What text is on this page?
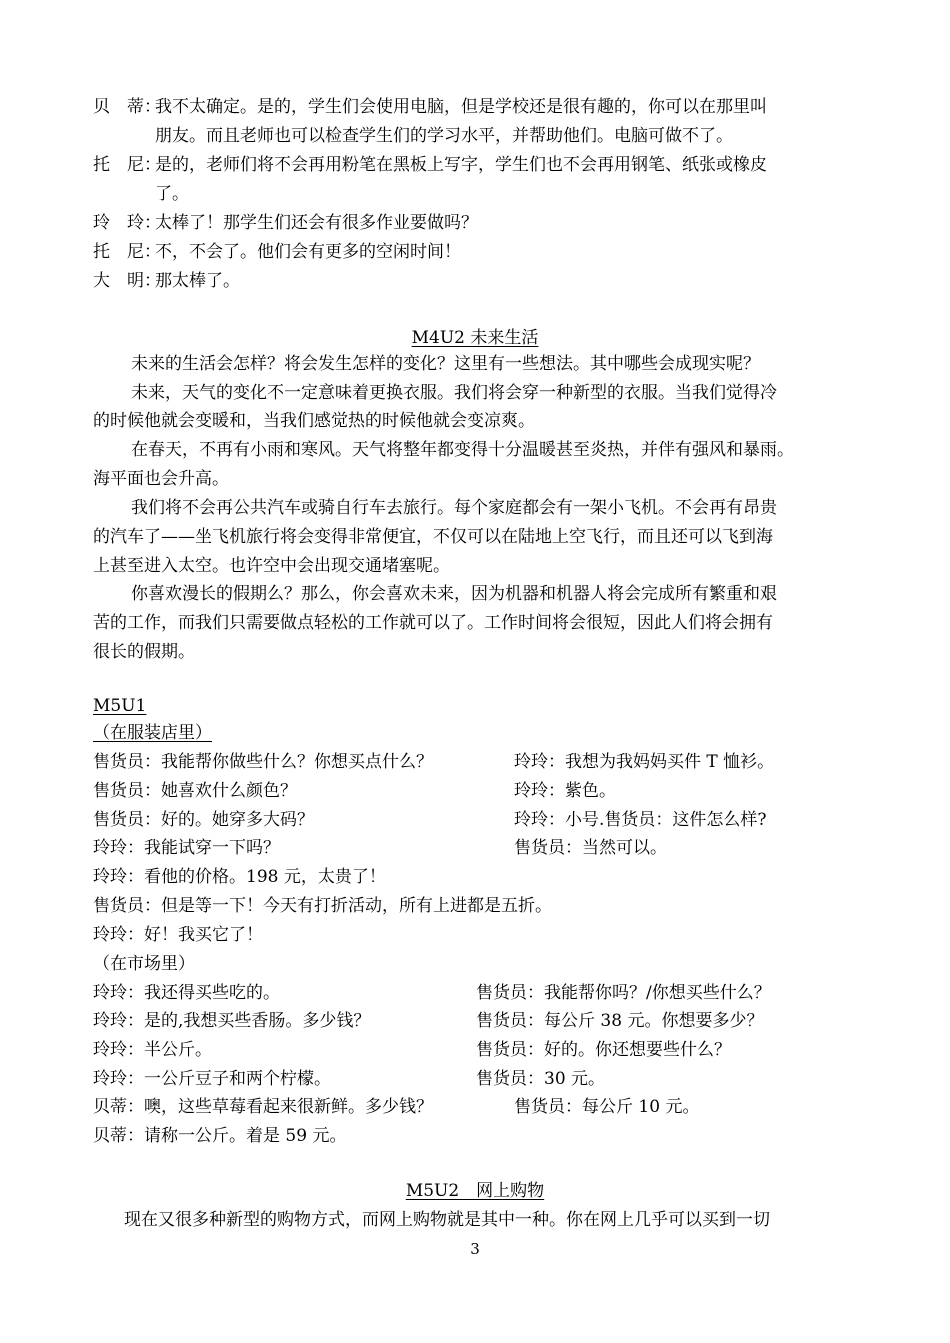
贝　蒂：我不太确定。是的，学生们会使用电脑，但是学校还是很有趣的，你可以在那里叫
朋友。而且老师也可以检查学生们的学习水平，并帮助他们。电脑可做不了。
托　尼：是的，老师们将不会再用粉笔在黑板上写字，学生们也不会再用钢笔、纸张或橡皮
了。
玲　玲：太棒了！那学生们还会有很多作业要做吗？
托　尼：不，不会了。他们会有更多的空闲时间！
大　明：那太棒了。
M4U2 未来生活
未来的生活会怎样？将会发生怎样的变化？这里有一些想法。其中哪些会成现实呢？
未来，天气的变化不一定意味着更换衣服。我们将会穿一种新型的衣服。当我们觉得冷
的时候他就会变暖和，当我们感觉热的时候他就会变凉爽。
在春天，不再有小雨和寒风。天气将整年都变得十分温暖甚至炎热，并伴有强风和暴雨。
海平面也会升高。
我们将不会再公共汽车或骑自行车去旅行。每个家庭都会有一架小飞机。不会再有昂贵
的汽车了——坐飞机旅行将会变得非常便宜，不仅可以在陆地上空飞行，而且还可以飞到海
上甚至进入太空。也许空中会出现交通堵塞呢。
你喜欢漫长的假期么？那么，你会喜欢未来，因为机器和机器人将会完成所有繁重和艰
苦的工作，而我们只需要做点轻松的工作就可以了。工作时间将会很短，因此人们将会拥有
很长的假期。
M5U1
（在服装店里）
售货员：我能帮你做些什么？你想买点什么？	玲玲：我想为我妈妈买件 T 恤衫。
售货员：她喜欢什么颜色？	玲玲：紫色。
售货员：好的。她穿多大码？	玲玲：小号.售货员：这件怎么样?
玲玲：我能试穿一下吗？	售货员：当然可以。
玲玲：看他的价格。198 元，太贵了！
售货员：但是等一下！今天有打折活动，所有上进都是五折。
玲玲：好！我买它了！
（在市场里）
玲玲：我还得买些吃的。	售货员：我能帮你吗？/你想买些什么？
玲玲：是的,我想买些香肠。多少钱？	售货员：每公斤 38 元。你想要多少？
玲玲：半公斤。	售货员：好的。你还想要些什么？
玲玲：一公斤豆子和两个柠檬。	售货员：30 元。
贝蒂：噢，这些草莓看起来很新鲜。多少钱？	售货员：每公斤 10 元。
贝蒂：请称一公斤。着是 59 元。
M5U2　网上购物
现在又很多种新型的购物方式，而网上购物就是其中一种。你在网上几乎可以买到一切
3
